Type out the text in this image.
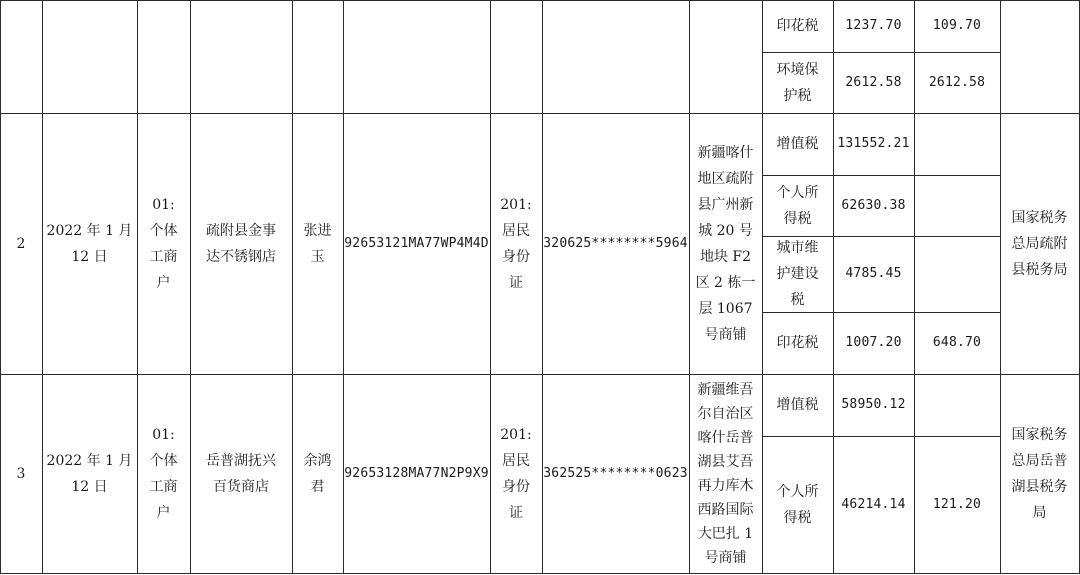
印花税 1237.70 109.70
环境保
护税
2612.58 2612.58
2
2022 年 1 月
12 日
01:
个体
工商
户
疏附县金事
达不锈钢店
张进
玉
92653121MA77WP4M4D
201:
居民
身份
证
320625********5964
新疆喀什
地区疏附
县广州新
城 20 号
地块 F2
区 2 栋一
层 1067
号商铺
增值税 131552.21
个人所
得税
62630.38
城市维
护建设
税
4785.45
印花税 1007.20 648.70
国家税务
总局疏附
县税务局
3
2022 年 1 月
12 日
01:
个体
工商
户
岳普湖抚兴
百货商店
余鸿
君
92653128MA77N2P9X9
201:
居民
身份
证
362525********0623
新疆维吾
尔自治区
喀什岳普
湖县艾吾
再力库木
西路国际
大巴扎 1
号商铺
增值税 58950.12
个人所
得税
46214.14 121.20
国家税务
总局岳普
湖县税务
局
